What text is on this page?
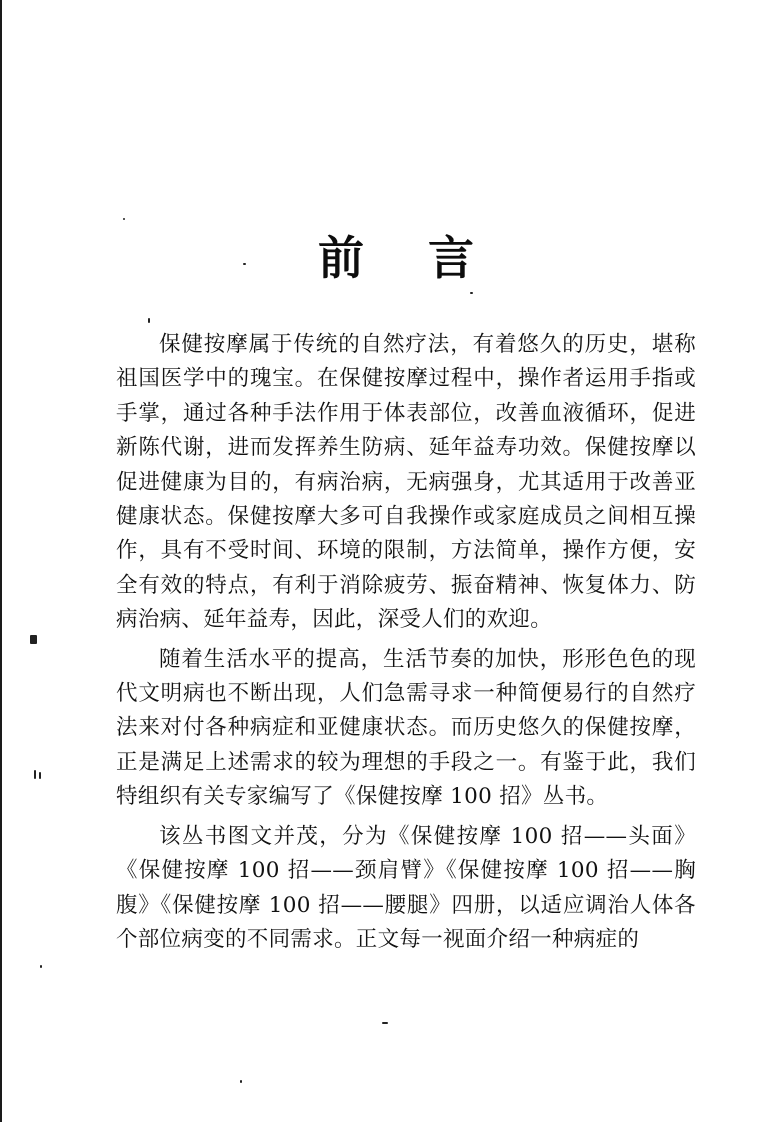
前 言

保健按摩属于传统的自然疗法，有着悠久的历史，堪称祖国医学中的瑰宝。在保健按摩过程中，操作者运用手指或手掌，通过各种手法作用于体表部位，改善血液循环，促进新陈代谢，进而发挥养生防病、延年益寿功效。保健按摩以促进健康为目的，有病治病，无病强身，尤其适用于改善亚健康状态。保健按摩大多可自我操作或家庭成员之间相互操作，具有不受时间、环境的限制，方法简单，操作方便，安全有效的特点，有利于消除疲劳、振奋精神、恢复体力、防病治病、延年益寿，因此，深受人们的欢迎。

随着生活水平的提高，生活节奏的加快，形形色色的现代文明病也不断出现，人们急需寻求一种简便易行的自然疗法来对付各种病症和亚健康状态。而历史悠久的保健按摩，正是满足上述需求的较为理想的手段之一。有鉴于此，我们特组织有关专家编写了《保健按摩 100 招》丛书。

该丛书图文并茂，分为《保健按摩 100 招——头面》《保健按摩 100 招——颈肩臂》《保健按摩 100 招——胸腹》《保健按摩 100 招——腰腿》四册，以适应调治人体各个部位病变的不同需求。正文每一视面介绍一种病症的
